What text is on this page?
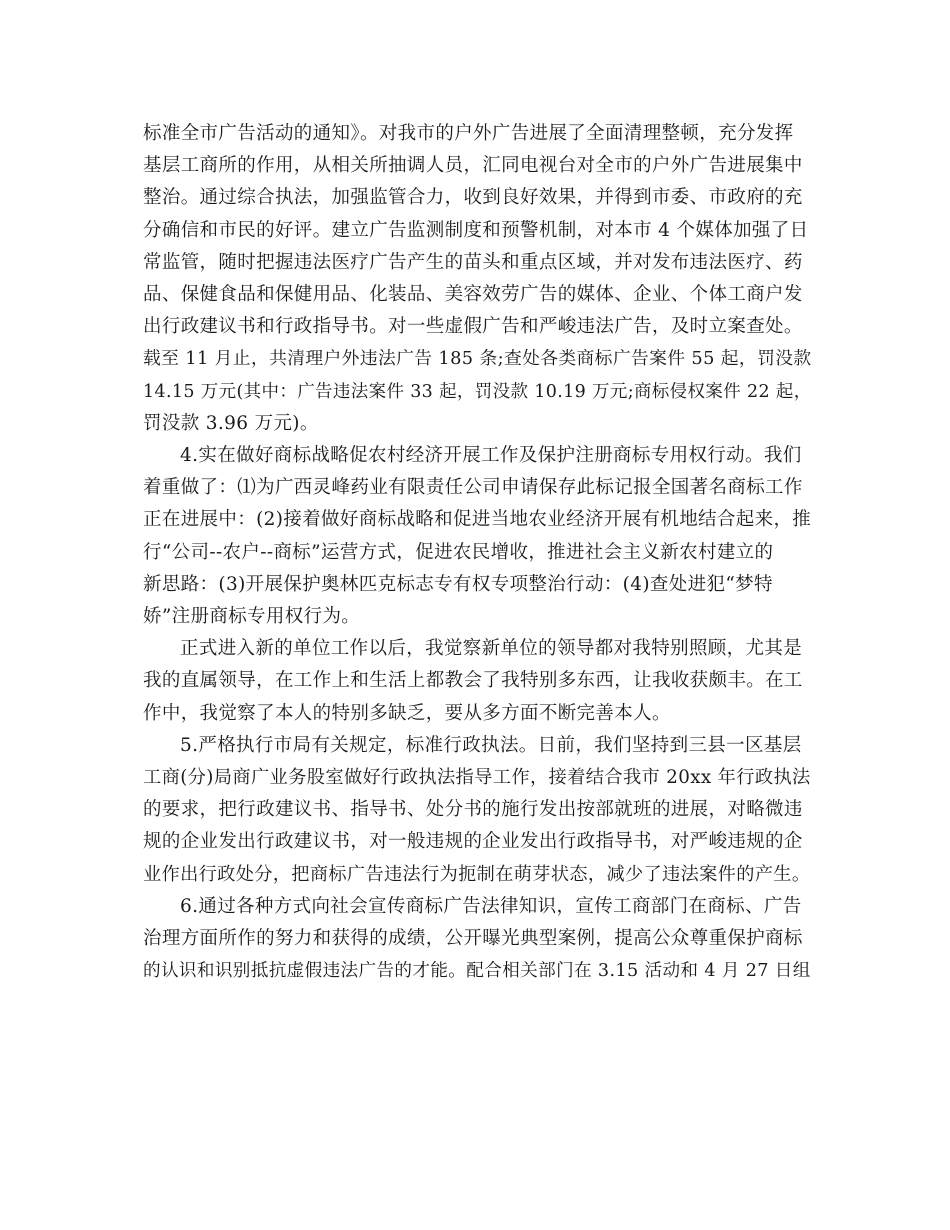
标准全市广告活动的通知》。对我市的户外广告进展了全面清理整顿，充分发挥
基层工商所的作用，从相关所抽调人员，汇同电视台对全市的户外广告进展集中
整治。通过综合执法，加强监管合力，收到良好效果，并得到市委、市政府的充
分确信和市民的好评。建立广告监测制度和预警机制，对本市 4 个媒体加强了日
常监管，随时把握违法医疗广告产生的苗头和重点区域，并对发布违法医疗、药
品、保健食品和保健用品、化装品、美容效劳广告的媒体、企业、个体工商户发
出行政建议书和行政指导书。对一些虚假广告和严峻违法广告，及时立案查处。
载至 11 月止，共清理户外违法广告 185 条;查处各类商标广告案件 55 起，罚没款
14.15 万元(其中：广告违法案件 33 起，罚没款 10.19 万元;商标侵权案件 22 起，
罚没款 3.96 万元)。

4.实在做好商标战略促农村经济开展工作及保护注册商标专用权行动。我们
着重做了：⑴为广西灵峰药业有限责任公司申请保存此标记报全国著名商标工作
正在进展中：(2)接着做好商标战略和促进当地农业经济开展有机地结合起来，推
行“公司--农户--商标”运营方式，促进农民增收，推进社会主义新农村建立的
新思路：(3)开展保护奥林匹克标志专有权专项整治行动：(4)查处进犯“梦特
娇”注册商标专用权行为。

正式进入新的单位工作以后，我觉察新单位的领导都对我特别照顾，尤其是
我的直属领导，在工作上和生活上都教会了我特别多东西，让我收获颇丰。在工
作中，我觉察了本人的特别多缺乏，要从多方面不断完善本人。

5.严格执行市局有关规定，标准行政执法。日前，我们坚持到三县一区基层
工商(分)局商广业务股室做好行政执法指导工作，接着结合我市 20xx 年行政执法
的要求，把行政建议书、指导书、处分书的施行发出按部就班的进展，对略微违
规的企业发出行政建议书，对一般违规的企业发出行政指导书，对严峻违规的企
业作出行政处分，把商标广告违法行为扼制在萌芽状态，减少了违法案件的产生。

6.通过各种方式向社会宣传商标广告法律知识，宣传工商部门在商标、广告
治理方面所作的努力和获得的成绩，公开曝光典型案例，提高公众尊重保护商标
的认识和识别抵抗虚假违法广告的才能。配合相关部门在 3.15 活动和 4 月 27 日组
